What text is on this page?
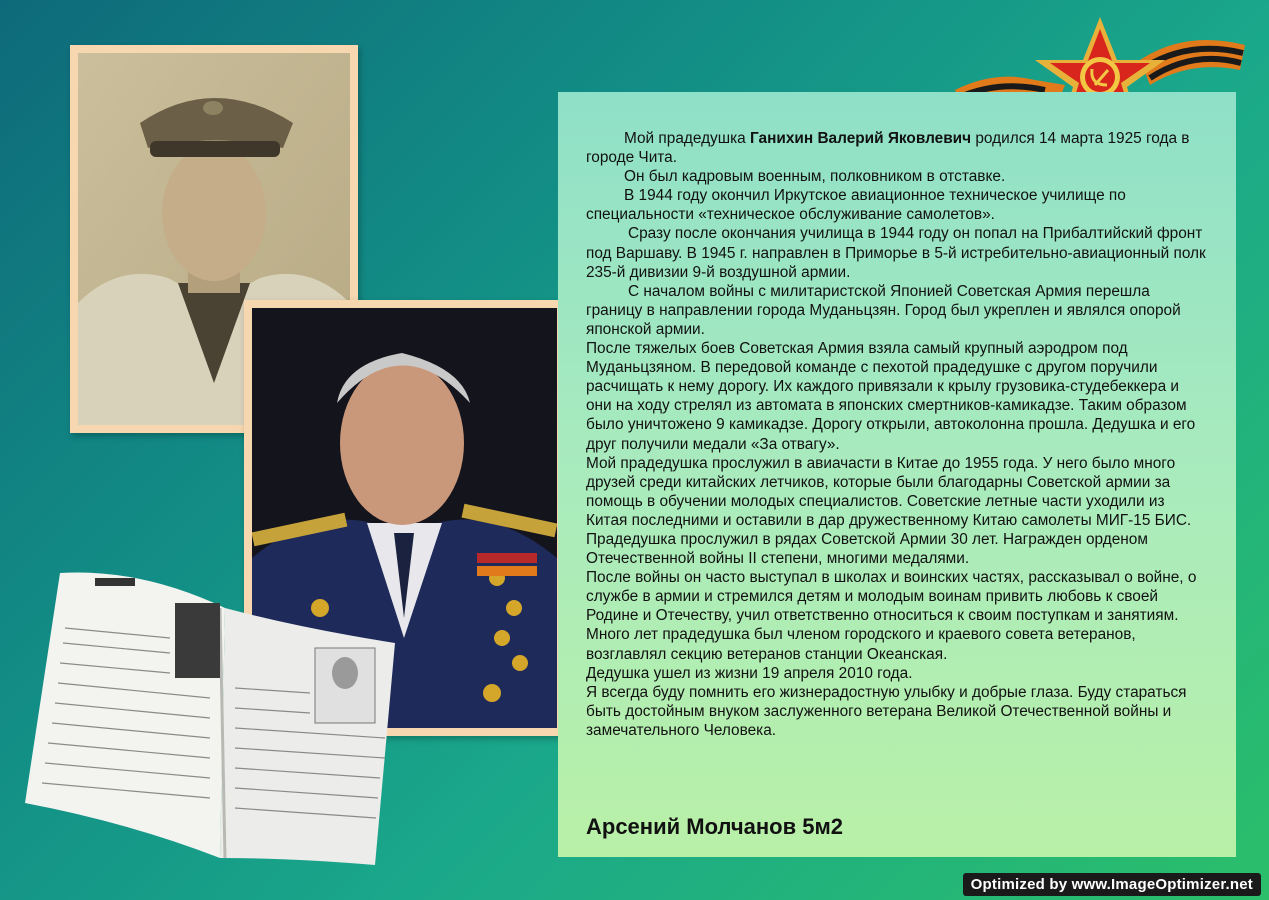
Мой прадедушка Ганихин Валерий Яковлевич родился 14 марта 1925 года в городе Чита.

Он был кадровым военным, полковником в отставке.

В 1944 году окончил Иркутское авиационное техническое училище по специальности «техническое обслуживание самолетов».

Сразу после окончания училища в 1944 году он попал на Прибалтийский фронт под Варшаву. В 1945 г. направлен в Приморье в 5-й истребительно-авиационный полк 235-й дивизии 9-й воздушной армии.

С началом войны с милитаристской Японией Советская Армия перешла границу в направлении города Муданьцзян. Город был укреплен и являлся опорой японской армии.

После тяжелых боев Советская Армия взяла самый крупный аэродром под Муданьцзяном. В передовой команде с пехотой прадедушке с другом поручили расчищать к нему дорогу. Их каждого привязали к крылу грузовика-студебеккера и они на ходу стрелял из автомата в японских смертников-камикадзе. Таким образом было уничтожено 9 камикадзе. Дорогу открыли, автоколонна прошла. Дедушка и его друг получили медали «За отвагу».

Мой прадедушка прослужил в авиачасти в Китае до 1955 года. У него было много друзей среди китайских летчиков, которые были благодарны Советской армии за помощь в обучении молодых специалистов. Советские летные части уходили из Китая последними и оставили в дар дружественному Китаю самолеты МИГ-15 БИС.

Прадедушка прослужил в рядах Советской Армии 30 лет. Награжден орденом Отечественной войны II степени, многими медалями.

После войны он часто выступал в школах и воинских частях, рассказывал о войне, о службе в армии и стремился детям и молодым воинам привить любовь к своей Родине и Отечеству, учил ответственно относиться к своим поступкам и занятиям.

Много лет прадедушка был членом городского и краевого совета ветеранов, возглавлял секцию ветеранов станции Океанская.

Дедушка ушел из жизни 19 апреля 2010 года.

Я всегда буду помнить его жизнерадостную улыбку и добрые глаза. Буду стараться быть достойным внуком заслуженного ветерана Великой Отечественной войны и замечательного Человека.

Арсений Молчанов 5м2
Optimized by www.ImageOptimizer.net
